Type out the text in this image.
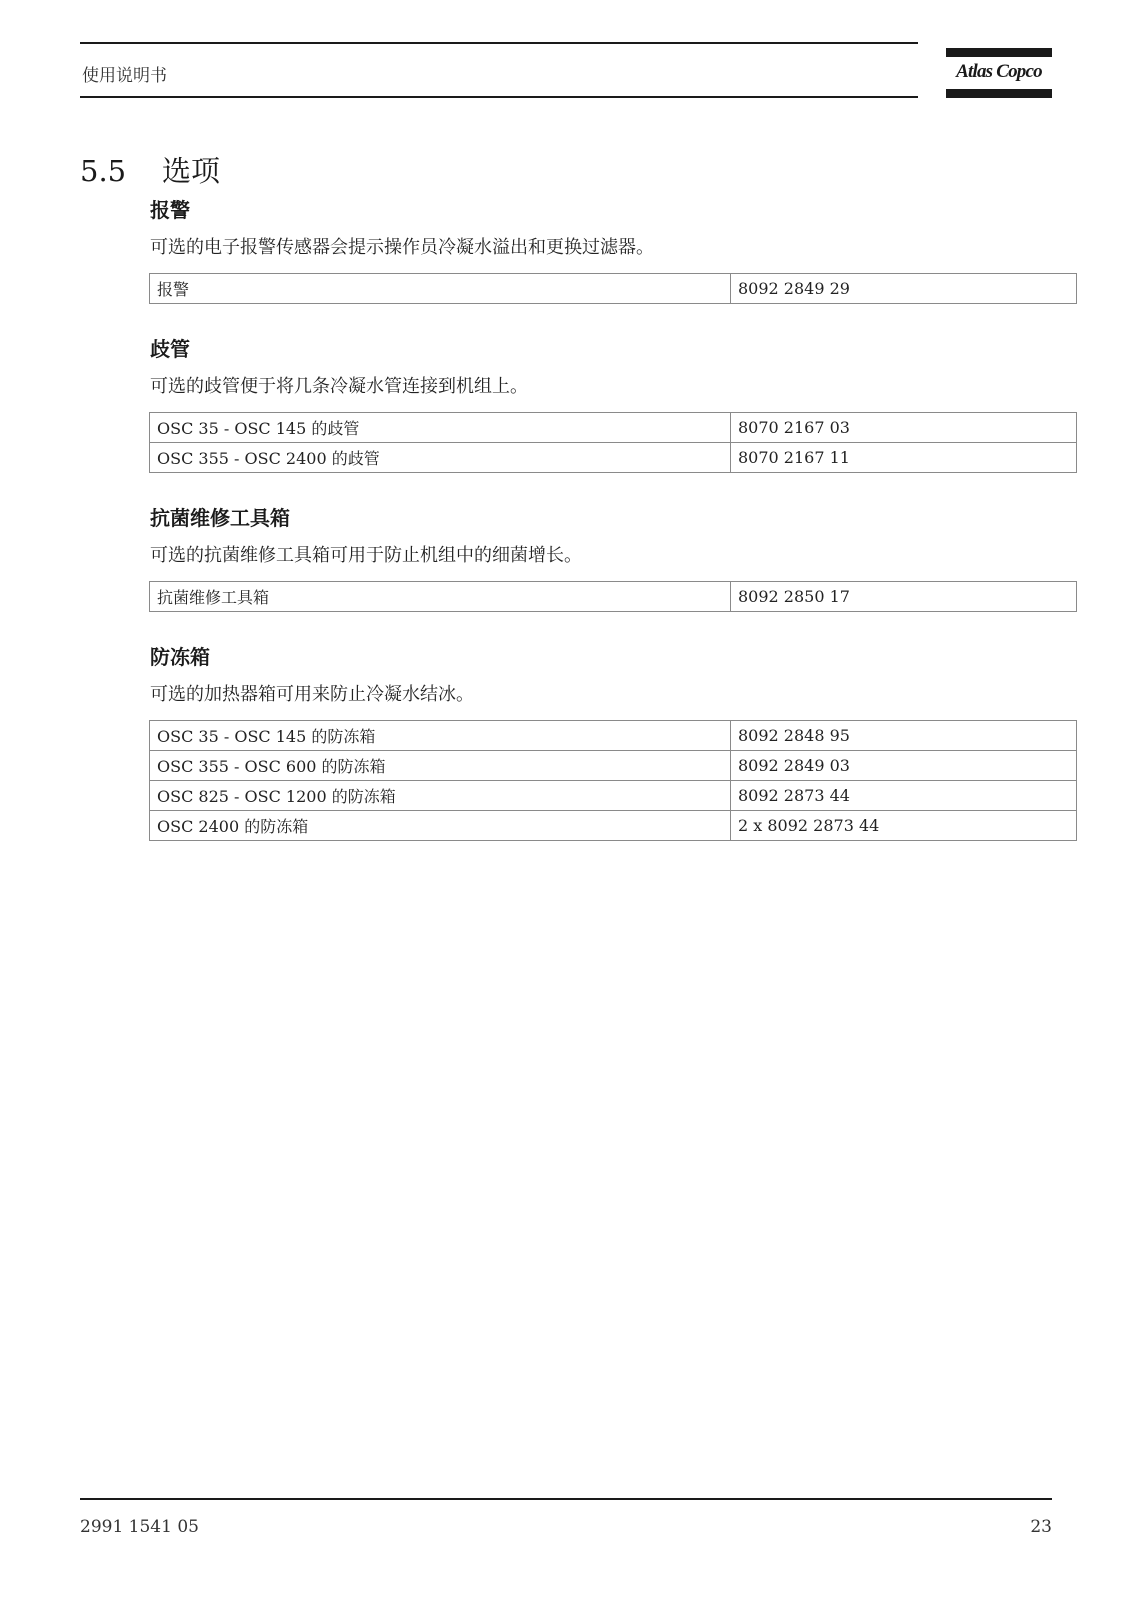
使用说明书	Atlas Copco
5.5 选项
报警

可选的电子报警传感器会提示操作员冷凝水溢出和更换过滤器。

报警	8092 2849 29
歧管

可选的歧管便于将几条冷凝水管连接到机组上。

OSC 35 - OSC 145 的歧管	8070 2167 03
OSC 355 - OSC 2400 的歧管	8070 2167 11
抗菌维修工具箱

可选的抗菌维修工具箱可用于防止机组中的细菌增长。

抗菌维修工具箱	8092 2850 17
防冻箱

可选的加热器箱可用来防止冷凝水结冰。

OSC 35 - OSC 145 的防冻箱	8092 2848 95
OSC 355 - OSC 600 的防冻箱	8092 2849 03
OSC 825 - OSC 1200 的防冻箱	8092 2873 44
OSC 2400 的防冻箱	2 x 8092 2873 44
2991 1541 05	23
